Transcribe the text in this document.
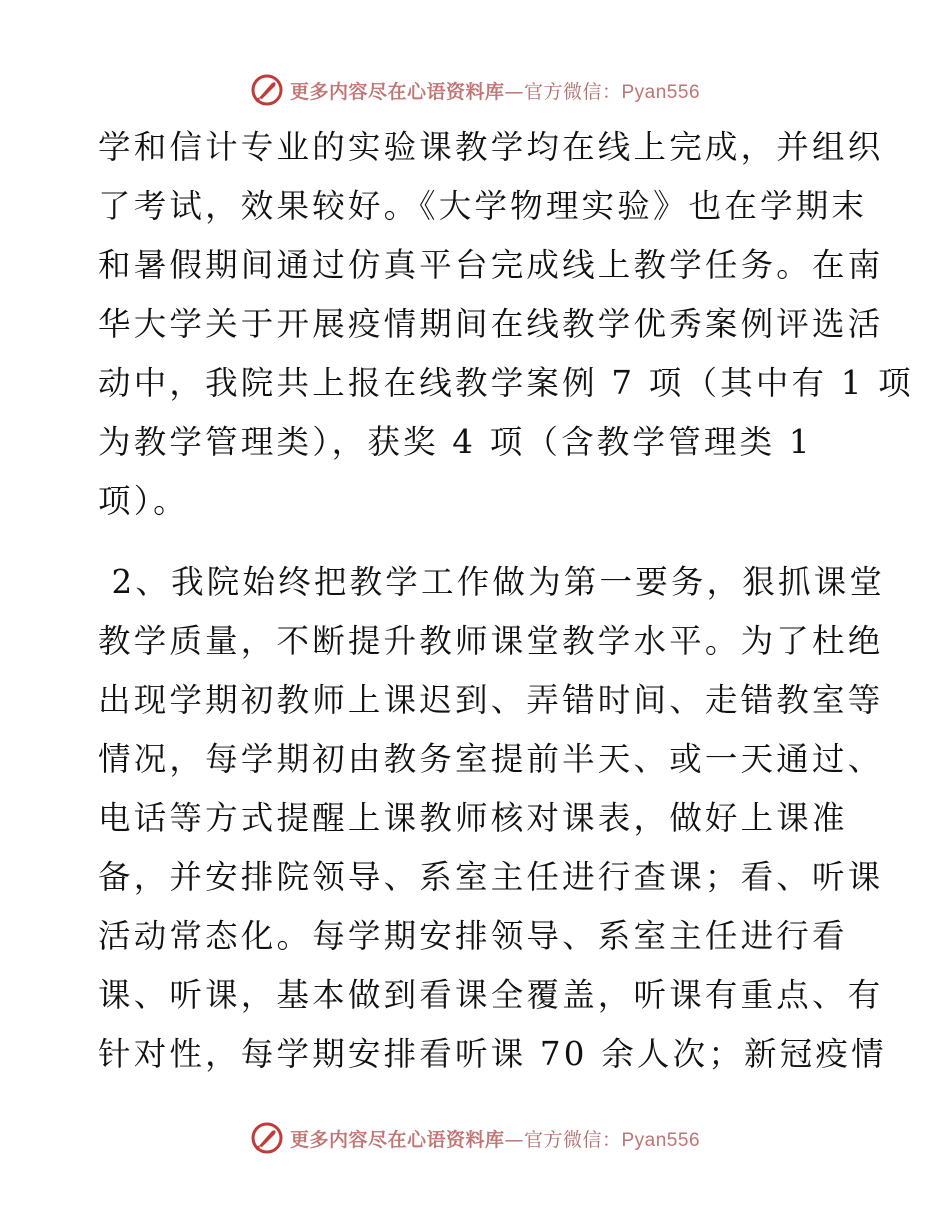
更多内容尽在心语资料库—官方微信：Pyan556
学和信计专业的实验课教学均在线上完成，并组织
了考试，效果较好。《大学物理实验》也在学期末
和暑假期间通过仿真平台完成线上教学任务。在南
华大学关于开展疫情期间在线教学优秀案例评选活
动中，我院共上报在线教学案例 7 项（其中有 1 项
为教学管理类），获奖 4 项（含教学管理类 1
项）。
2、我院始终把教学工作做为第一要务，狠抓课堂
教学质量，不断提升教师课堂教学水平。为了杜绝
出现学期初教师上课迟到、弄错时间、走错教室等
情况，每学期初由教务室提前半天、或一天通过、
电话等方式提醒上课教师核对课表，做好上课准
备，并安排院领导、系室主任进行查课；看、听课
活动常态化。每学期安排领导、系室主任进行看
课、听课，基本做到看课全覆盖，听课有重点、有
针对性，每学期安排看听课 70 余人次；新冠疫情
更多内容尽在心语资料库—官方微信：Pyan556
